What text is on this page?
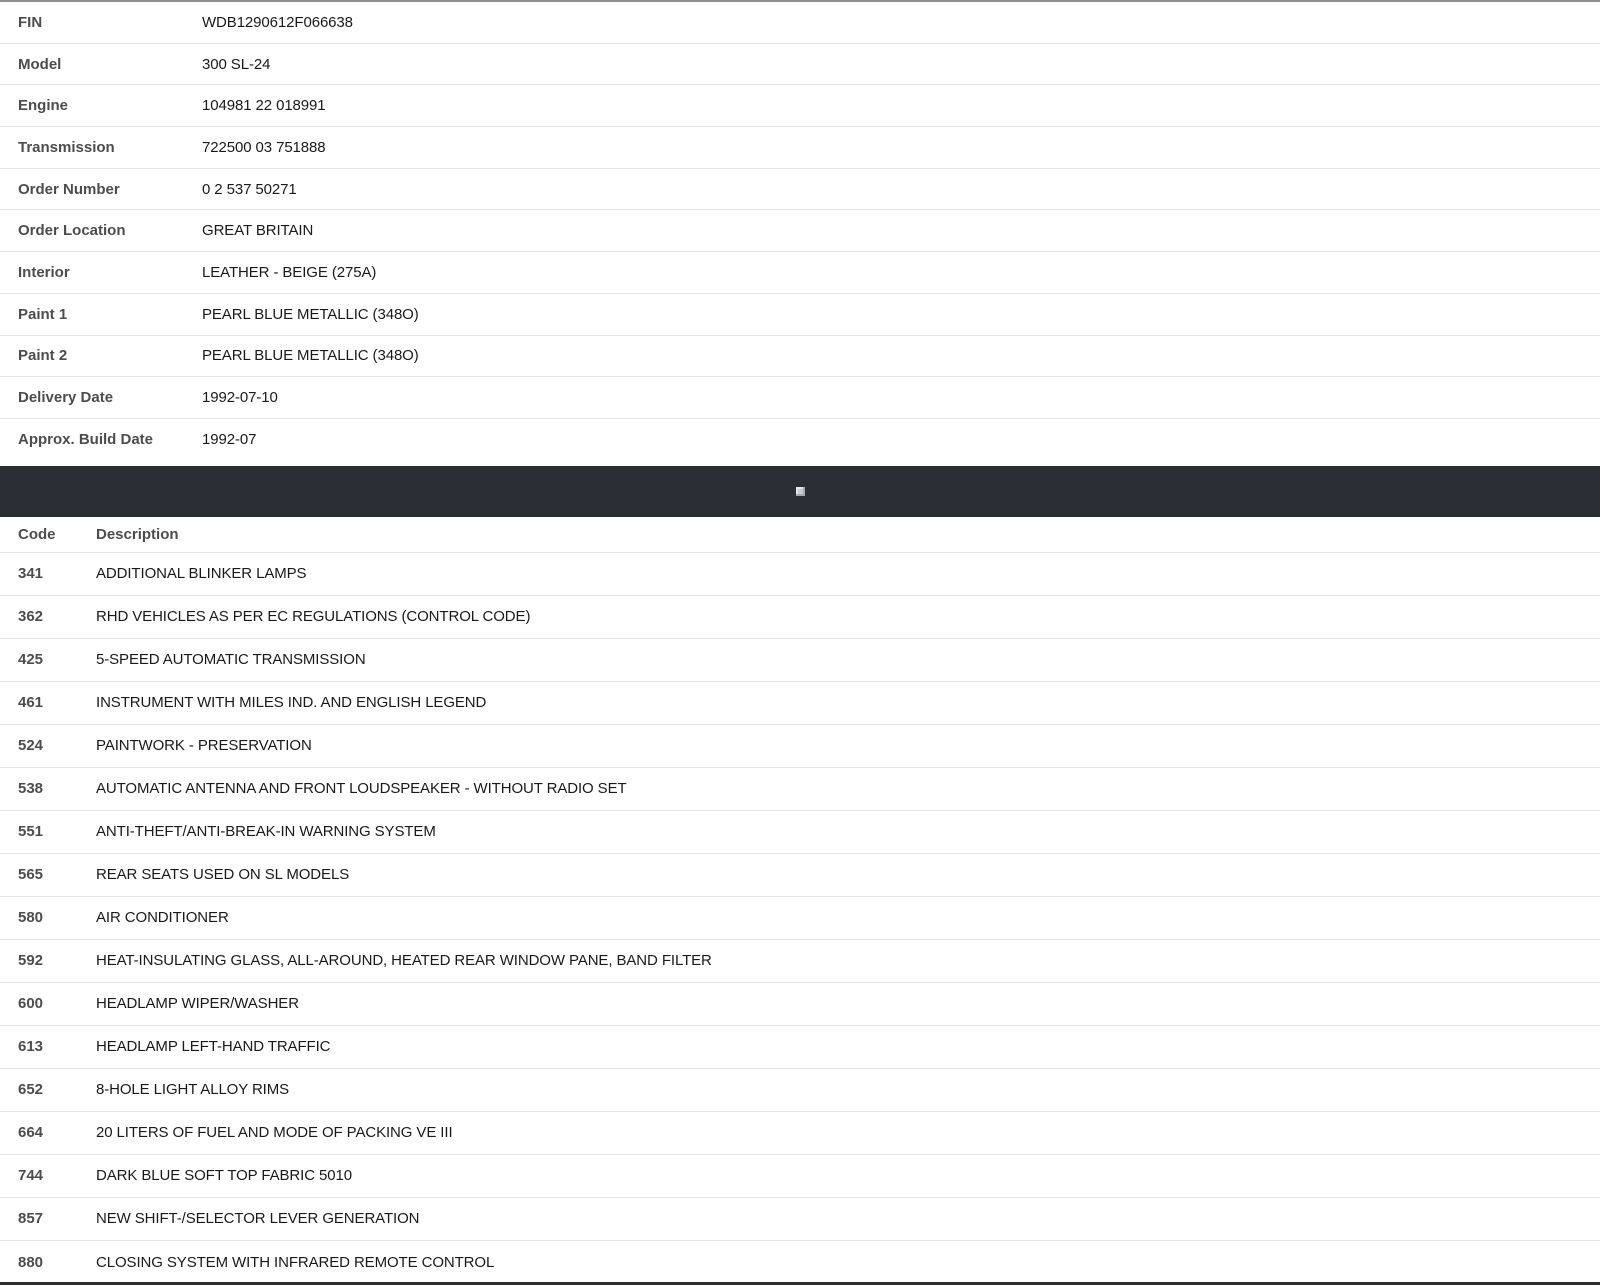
FIN	WDB1290612F066638
Model	300 SL-24
Engine	104981 22 018991
Transmission	722500 03 751888
Order Number	0 2 537 50271
Order Location	GREAT BRITAIN
Interior	LEATHER - BEIGE (275A)
Paint 1	PEARL BLUE METALLIC (348O)
Paint 2	PEARL BLUE METALLIC (348O)
Delivery Date	1992-07-10
Approx. Build Date	1992-07
Code	Description
341	ADDITIONAL BLINKER LAMPS
362	RHD VEHICLES AS PER EC REGULATIONS (CONTROL CODE)
425	5-SPEED AUTOMATIC TRANSMISSION
461	INSTRUMENT WITH MILES IND. AND ENGLISH LEGEND
524	PAINTWORK - PRESERVATION
538	AUTOMATIC ANTENNA AND FRONT LOUDSPEAKER - WITHOUT RADIO SET
551	ANTI-THEFT/ANTI-BREAK-IN WARNING SYSTEM
565	REAR SEATS USED ON SL MODELS
580	AIR CONDITIONER
592	HEAT-INSULATING GLASS, ALL-AROUND, HEATED REAR WINDOW PANE, BAND FILTER
600	HEADLAMP WIPER/WASHER
613	HEADLAMP LEFT-HAND TRAFFIC
652	8-HOLE LIGHT ALLOY RIMS
664	20 LITERS OF FUEL AND MODE OF PACKING VE III
744	DARK BLUE SOFT TOP FABRIC 5010
857	NEW SHIFT-/SELECTOR LEVER GENERATION
880	CLOSING SYSTEM WITH INFRARED REMOTE CONTROL
